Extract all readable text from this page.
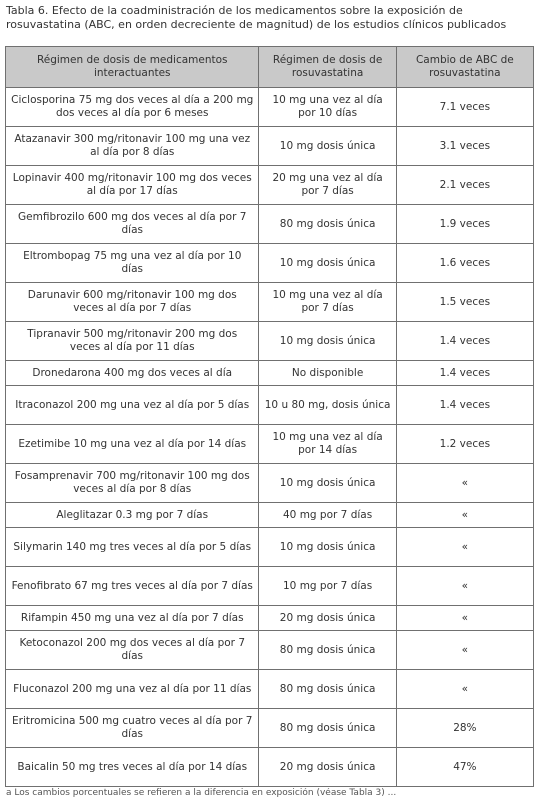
Tabla 6. Efecto de la coadministración de los medicamentos sobre la exposición de rosuvastatina (ABC, en orden decreciente de magnitud) de los estudios clínicos publicados
Régimen de dosis de medicamentos interactuantes	Régimen de dosis de rosuvastatina	Cambio de ABC de rosuvastatina
Ciclosporina 75 mg dos veces al día a 200 mg dos veces al día por 6 meses	10 mg una vez al día por 10 días	7.1 veces
Atazanavir 300 mg/ritonavir 100 mg una vez al día por 8 días	10 mg dosis única	3.1 veces
Lopinavir 400 mg/ritonavir 100 mg dos veces al día por 17 días	20 mg una vez al día por 7 días	2.1 veces
Gemfibrozilo 600 mg dos veces al día por 7 días	80 mg dosis única	1.9 veces
Eltrombopag 75 mg una vez al día por 10 días	10 mg dosis única	1.6 veces
Darunavir 600 mg/ritonavir 100 mg dos veces al día por 7 días	10 mg una vez al día por 7 días	1.5 veces
Tipranavir 500 mg/ritonavir 200 mg dos veces al día por 11 días	10 mg dosis única	1.4 veces
Dronedarona 400 mg dos veces al día	No disponible	1.4 veces
Itraconazol 200 mg una vez al día por 5 días	10 u 80 mg, dosis única	1.4 veces
Ezetimibe 10 mg una vez al día por 14 días	10 mg una vez al día por 14 días	1.2 veces
Fosamprenavir 700 mg/ritonavir 100 mg dos veces al día por 8 días	10 mg dosis única	«
Aleglitazar 0.3 mg por 7 días	40 mg por 7 días	«
Silymarin 140 mg tres veces al día por 5 días	10 mg dosis única	«
Fenofibrato 67 mg tres veces al día por 7 días	10 mg por 7 días	«
Rifampin 450 mg una vez al día por 7 días	20 mg dosis única	«
Ketoconazol 200 mg dos veces al día por 7 días	80 mg dosis única	«
Fluconazol 200 mg una vez al día por 11 días	80 mg dosis única	«
Eritromicina 500 mg cuatro veces al día por 7 días	80 mg dosis única	28%
Baicalin 50 mg tres veces al día por 14 días	20 mg dosis única	47%
a Los cambios porcentuales se refieren a la diferencia en exposición (véase Tabla 3) ...
